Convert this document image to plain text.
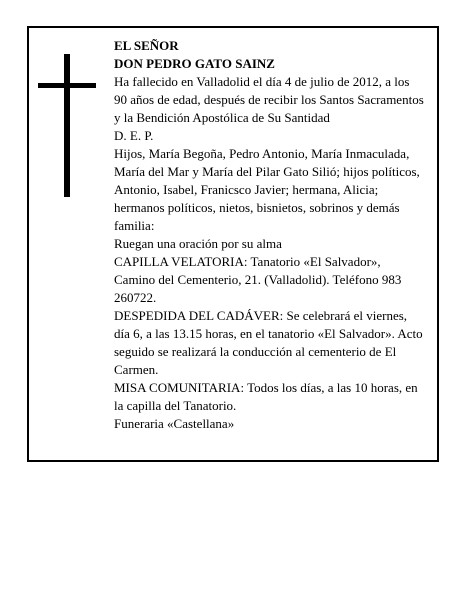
EL SEÑOR

DON PEDRO GATO SAINZ

Ha fallecido en Valladolid el día 4 de julio de 2012, a los 90 años de edad, después de recibir los Santos Sacramentos y la Bendición Apostólica de Su Santidad

D. E. P.

Hijos, María Begoña, Pedro Antonio, María Inmaculada, María del Mar y María del Pilar Gato Silió; hijos políticos, Antonio, Isabel, Franicsco Javier; hermana, Alicia; hermanos políticos, nietos, bisnietos, sobrinos y demás familia:

Ruegan una oración por su alma

CAPILLA VELATORIA: Tanatorio «El Salvador», Camino del Cementerio, 21. (Valladolid). Teléfono 983 260722.

DESPEDIDA DEL CADÁVER: Se celebrará el viernes, día 6, a las 13.15 horas, en el tanatorio «El Salvador». Acto seguido se realizará la conducción al cementerio de El Carmen.

MISA COMUNITARIA: Todos los días, a las 10 horas, en la capilla del Tanatorio.

Funeraria «Castellana»
